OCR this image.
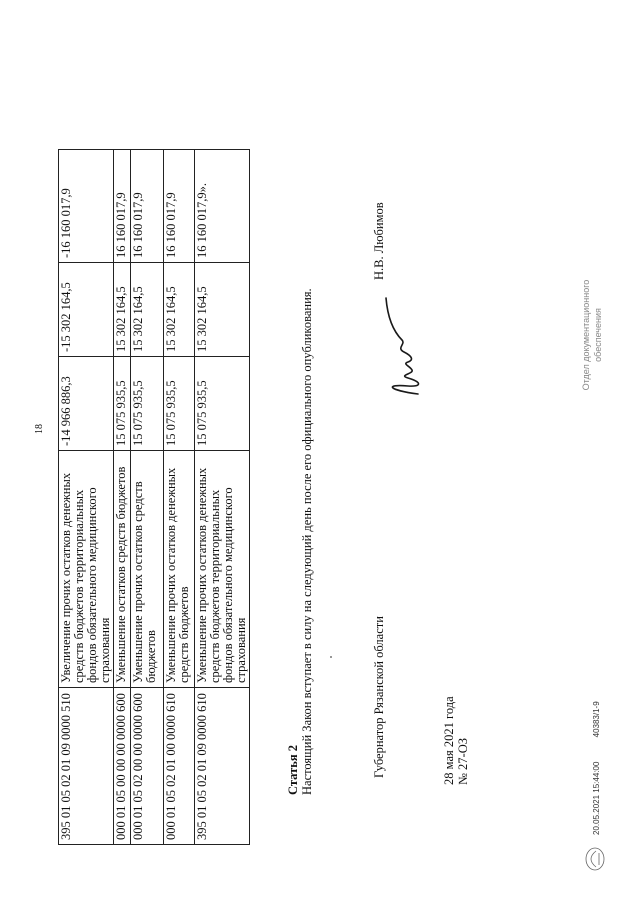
18
395 01 05 02 01 09 0000 510	Увеличение прочих остатков денежных средств бюджетов территориальных фондов обязательного медицинского страхования	-14 966 886,3	-15 302 164,5	-16 160 017,9
000 01 05 00 00 00 0000 600	Уменьшение остатков средств бюджетов	15 075 935,5	15 302 164,5	16 160 017,9
000 01 05 02 00 00 0000 600	Уменьшение прочих остатков средств бюджетов	15 075 935,5	15 302 164,5	16 160 017,9
000 01 05 02 01 00 0000 610	Уменьшение прочих остатков денежных средств бюджетов	15 075 935,5	15 302 164,5	16 160 017,9
395 01 05 02 01 09 0000 610	Уменьшение прочих остатков денежных средств бюджетов территориальных фондов обязательного медицинского страхования	15 075 935,5	15 302 164,5	16 160 017,9».
Статья 2 Настоящий Закон вступает в силу на следующий день после его официального опубликования.	Губернатор Рязанской области
Н.В. Любимов
28 мая 2021 года № 27-ОЗ
Отдел документационного обеспечения
20.05.2021 15:44:00 40383/1-9
